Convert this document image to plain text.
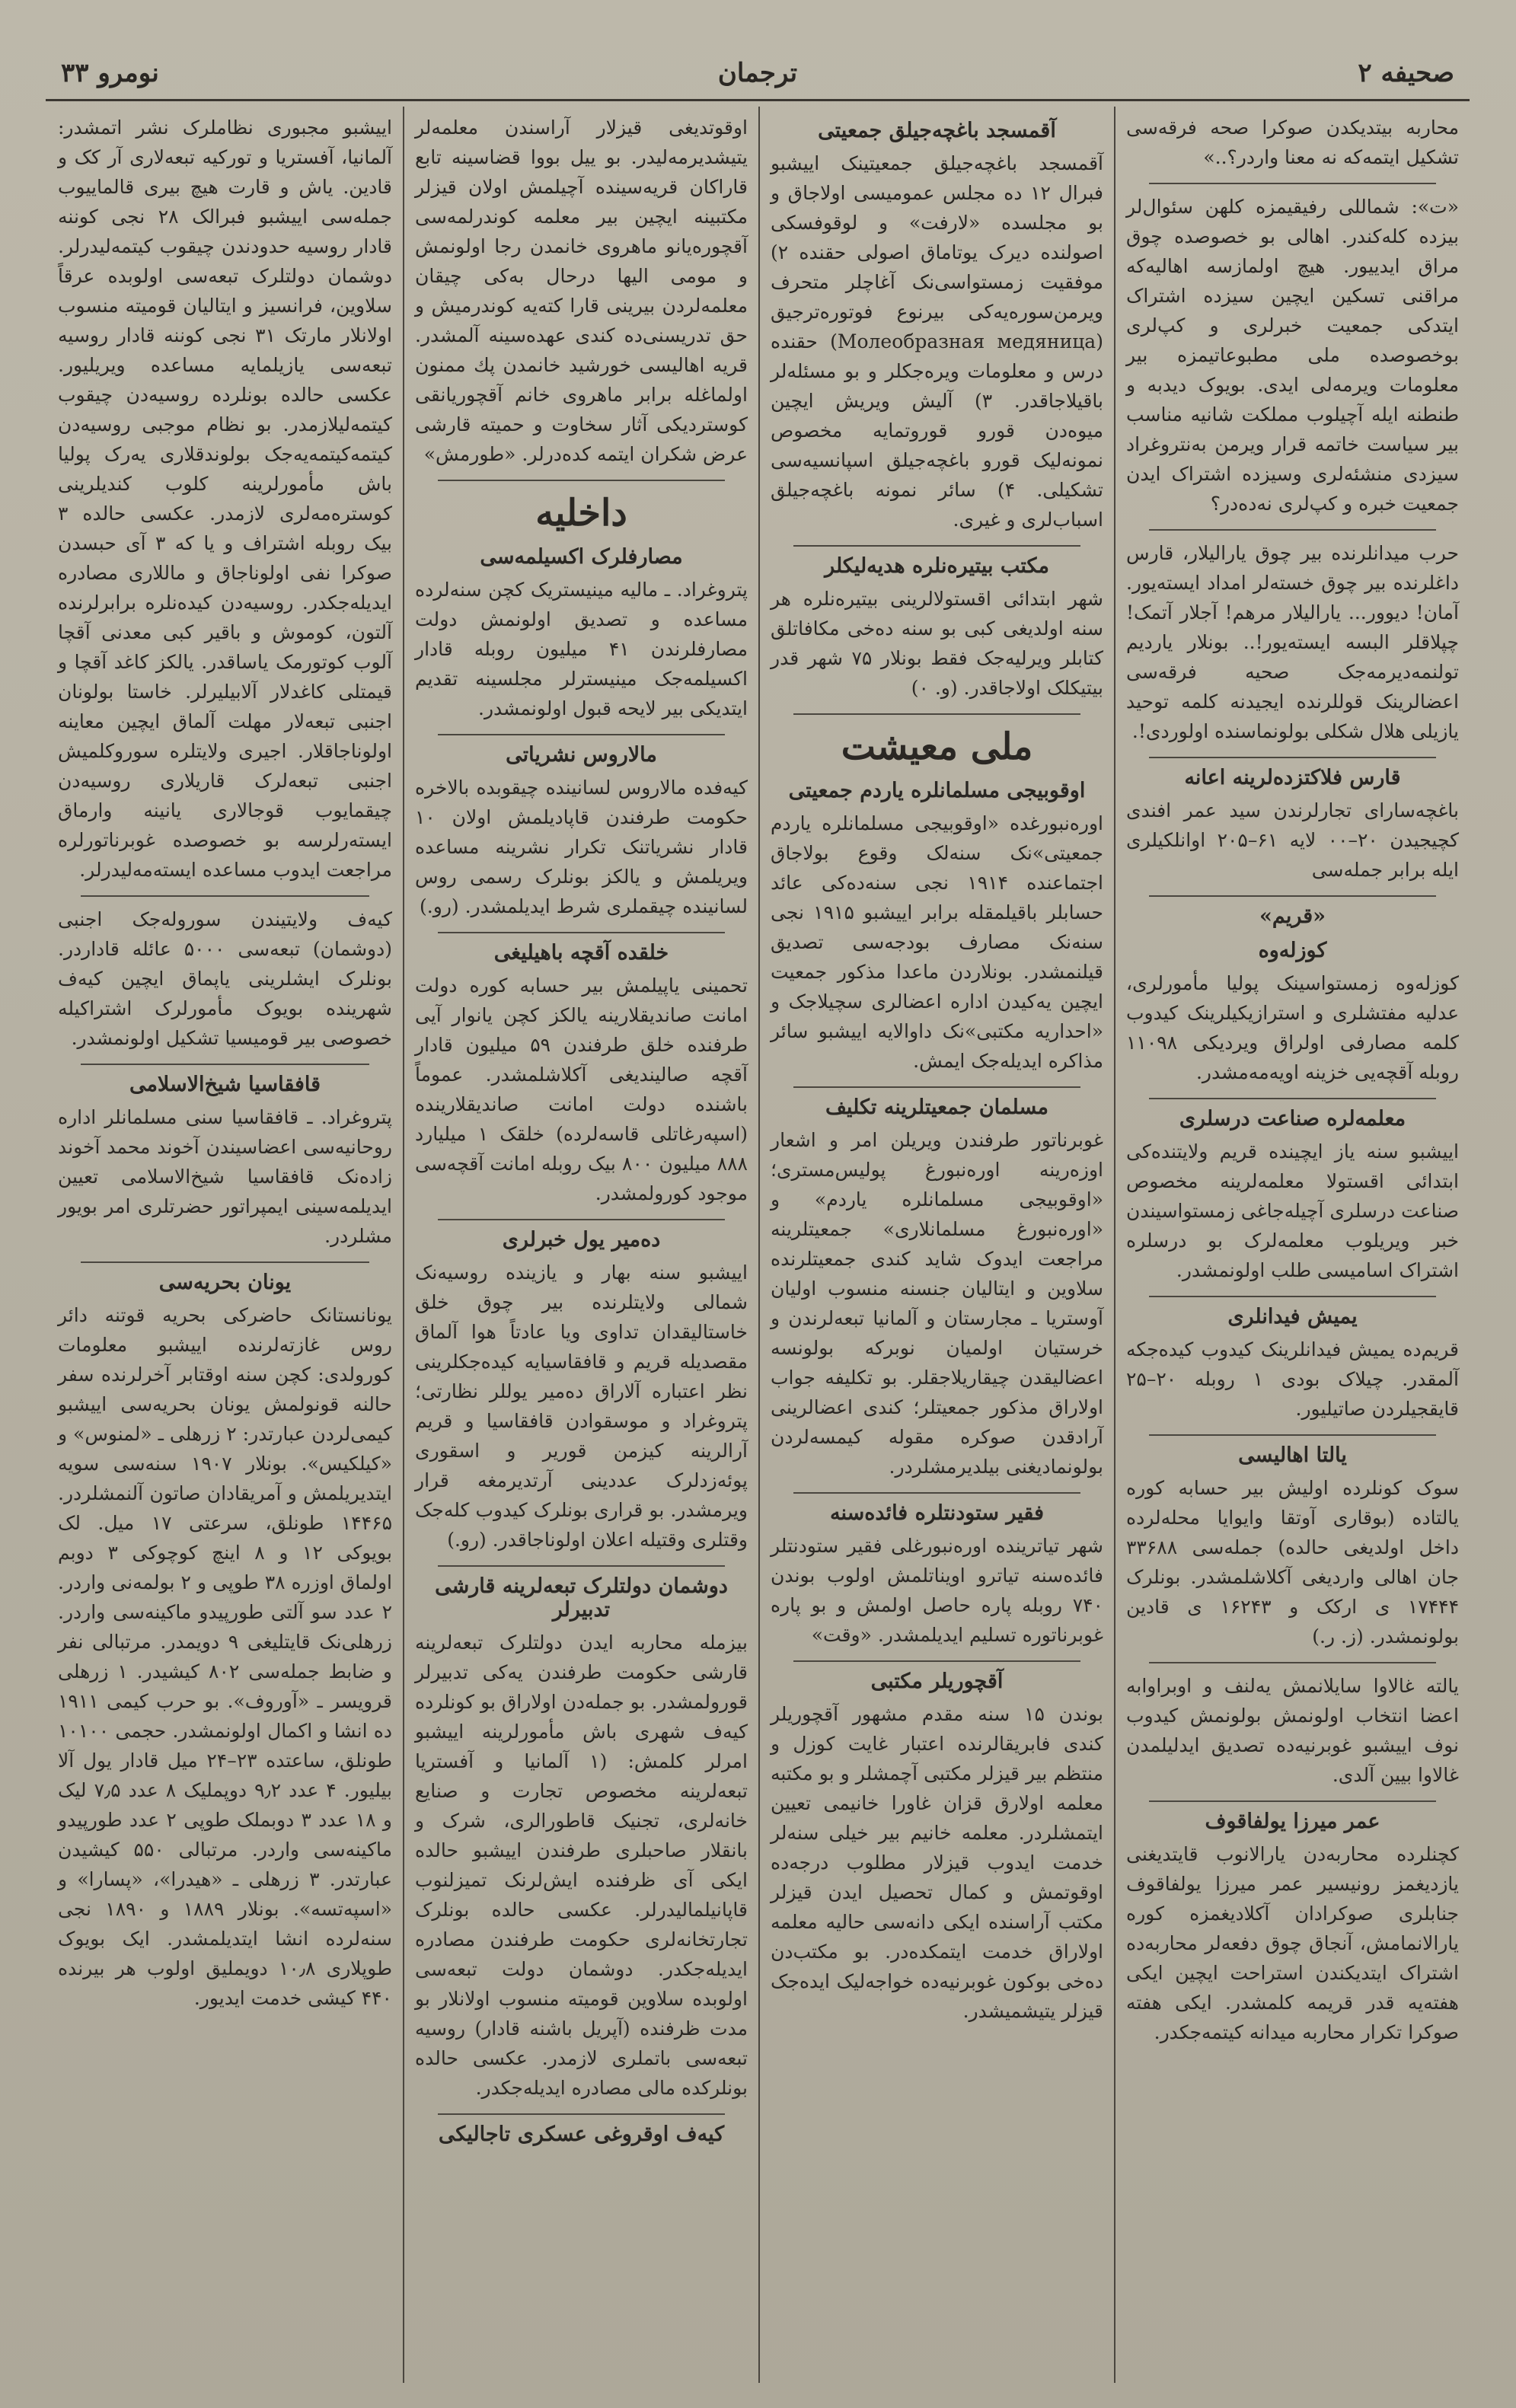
صحیفه ۲
ترجمان
نومرو ۳۳

محاربه بیتدیکدن صوکرا صحه فرقه‌سی تشکیل ایتمه‌که نه معنا واردر؟..»

«ت»: شماللی رفیقیمزه کلهن سئوال‌لر بیزده کله‌کندر. اهالی بو خصوصده چوق مراق ایدییور. هیچ اولمازسه اهالیه‌که مراقنی تسکین ایچین سیزده اشتراک ایتدکی جمعیت خبرلری و کپ‌لری بوخصوصده ملی مطبوعاتیمزه بیر معلومات ویرمه‌لی ایدی. بویوک دیدبه و طنطنه ایله آچیلوب مملکت شانیه مناسب بیر سیاست خاتمه قرار ویرمن به‌نتروغراد سیزدی منشئه‌لری وسیزده اشتراک ایدن جمعیت خبره و کپ‌لری نه‌ده‌در؟

حرب میدانلرنده بیر چوق یارالیلار، قارس داغلرنده بیر چوق خسته‌لر امداد ایسته‌یور. آمان! دیوور... یارالیلار مرهم! آجلار آتمک! چپلاقلر البسه ایسته‌یور!.. بونلار یاردیم تولنمه‌دیرمه‌جک صحیه فرقه‌سی اعضالرینک قوللرنده ایجیدنه کلمه توحید یازیلی هلال شکلی بولونماسنده اولوردی!.

قارس فلاکتزده‌لرینه اعانه

باغچه‌سارای تجارلرندن سید عمر افندی کچیجیدن ۲۰–۰۰ لایه ۶۱–۲۰۵ اوانلکیلری ایله برابر جمله‌سی

«قریم»
کوزله‌وه

کوزله‌وه زمستواسینک پولیا مأمورلری، عدلیه مفتشلری و استرازیکیلرینک کیدوب کلمه مصارفی اولراق ویردیکی ۱۱۰۹۸ روبله آقچه‌یی خزینه اویه‌مه‌مشدر.

معلمه‌لره صناعت درسلری

اییشبو سنه یاز ایچینده قریم ولایتنده‌کی ابتدائی اقستولا معلمه‌لرینه مخصوص صناعت درسلری آچیله‌جاغی زمستواسیندن خبر ویریلوب معلمه‌لرک بو درسلره اشتراک اسامیسی طلب اولونمشدر.

یمیش فیدانلری

قریم‌ده یمیش فیدانلرینک کیدوب کیده‌جکه آلمقدر. چیلاک بودی ۱ روبله ۲۰–۲۵ قایقجیلردن صاتیلیور.

یالتا اهالیسی

سوک کونلرده اولیش بیر حسابه کوره یالتاده (بوقاری آوتقا وایوایا محله‌لرده داخل اولدیغی حالده) جمله‌سی ۳۳۶۸۸ جان اهالی واردیغی آکلاشلمشدر. بونلرک ۱۷۴۴۴ ی ارکک و ۱۶۲۴۳ ی قادین بولونمشدر. (ز. ر.)

یالته غالاوا سایلانمش یه‌لنف و اوبراوابه اعضا انتخاب اولونمش بولونمش کیدوب نوف اییشبو غوبرنیه‌ده تصدیق ایدلیلمدن غالاوا بیین آلدی.

عمر میرزا یولفاقوف

کچنلرده محاربه‌دن یارالانوب قایتدیغنی یازدیغمز رونیسیر عمر میرزا یولفاقوف جنابلری صوکرادان آکلادیغمزه کوره یارالانمامش، آنجاق چوق دفعه‌لر محاربه‌ده اشتراک ایتدیکندن استراحت ایچین ایکی هفته‌یه قدر قریمه کلمشدر. ایکی هفته صوکرا تکرار محاربه میدانه کیتمه‌جکدر.

آقمسجد باغچه‌جیلق جمعیتی

آقمسجد باغچه‌جیلق جمعیتینک اییشبو فبرال ۱۲ ده مجلس عمومیسی اولاجاق و بو مجلسده «لارفت» و لوقوفسکی اصولنده دیرک یوتاماق اصولی حقنده ۲) موفقیت زمستواسی‌نک آغاچلر متحرف ویرمن‌سوره‌یه‌کی بیرنوع فوتوره‌ترجیق (Молеобразная медяница) حقنده درس و معلومات ویره‌جکلر و بو مسئله‌لر باقیلاجاقدر. ۳) آلیش ویریش ایچین میوه‌دن قورو قوروتمایه مخصوص نمونه‌لیک قورو باغچه‌جیلق اسپانسیه‌سی تشکیلی. ۴) سائر نمونه باغچه‌جیلق اسباب‌لری و غیری.

مکتب بیتیره‌نلره هدیه‌لیکلر

شهر ابتدائی اقستولالرینی بیتیره‌نلره هر سنه اولدیغی کبی بو سنه ده‌خی مکافاتلق کتابلر ویرلیه‌جک فقط بونلار ۷۵ شهر قدر بیتیکلک اولاجاقدر. (و. ۰)

ملی معیشت
اوقوبیجی مسلمانلره یاردم جمعیتی

اوره‌نبورغده «اوقوبیجی مسلمانلره یاردم جمعیتی»نک سنه‌لک وقوع بولاجاق اجتماعنده ۱۹۱۴ نجی سنه‌ده‌کی عائد حسابلر باقیلمقله برابر اییشبو ۱۹۱۵ نجی سنه‌نک مصارف بودجه‌سی تصدیق قیلنمشدر. بونلاردن ماعدا مذکور جمعیت ایچین یه‌کیدن اداره اعضالری سچیلاجک و «احداریه مکتبی»نک داوالایه اییشبو سائر مذاکره ایدیله‌جک ایمش.

مسلمان جمعیتلرینه تکلیف

غوبرناتور طرفندن ویریلن امر و اشعار اوزه‌رینه اوره‌نبورغ پولیس‌مستری؛ «اوقوبیجی مسلمانلره یاردم» و «اوره‌نبورغ مسلمانلاری» جمعیتلرینه مراجعت ایدوک شاید کندی جمعیتلرنده سلاوین و ایتالیان جنسنه منسوب اولیان آوستریا ـ مجارستان و آلمانیا تبعه‌لرندن و خرستیان اولمیان نوبرکه بولونسه اعضالیقدن چیقاریلاجقلر. بو تکلیفه جواب اولاراق مذکور جمعیتلر؛ کندی اعضالرینی آرادقدن صوکره مقوله کیمسه‌لردن بولونمادیغنی بیلدیرمشلردر.

فقیر ستودنتلره فائده‌سنه

شهر تیاترینده اوره‌نبورغلی فقیر ستودنتلر فائده‌سنه تیاترو اویناتلمش اولوب بوندن ۷۴۰ روبله پاره حاصل اولمش و بو پاره غوبرناتوره تسلیم ایدیلمشدر. «وقت»

آقچوریلر مکتبی

بوندن ۱۵ سنه مقدم مشهور آقچوریلر کندی فابریقالرنده اعتبار غایت کوزل و منتظم بیر قیزلر مکتبی آچمشلر و بو مکتبه معلمه اولارق قزان غاورا خانیمی تعیین ایتمشلردر. معلمه خانیم بیر خیلی سنه‌لر خدمت ایدوب قیزلار مطلوب درجه‌ده اوقوتمش و کمال تحصیل ایدن قیزلر مکتب آراسنده ایکی دانه‌سی حالیه معلمه اولاراق خدمت ایتمکده‌در. بو مکتب‌دن ده‌خی بوکون غوبرنیه‌ده خواجه‌لیک ایده‌جک قیزلر یتیشمیشدر.

اوقوتدیغی قیزلار آراسندن معلمه‌لر یتیشدیرمه‌لیدر. بو ییل بووا قضاسینه تابع قاراکان قریه‌سینده آچیلمش اولان قیزلر مکتبینه ایچین بیر معلمه کوندرلمه‌سی آقچوره‌یانو ماهروی خانمدن رجا اولونمش و مومی الیها درحال به‌کی چیقان معلمه‌لردن بیرینی قارا کته‌یه کوندرمیش و حق تدریسنی‌ده کندی عهده‌سینه آلمشدر. قریه اهالیسی خورشید خانمدن پك ممنون اولماغله برابر ماهروی خانم آقچوریانقی کوستردیکی آثار سخاوت و حمیته قارشی عرض شکران ایتمه کده‌درلر. «طورمش»

داخلیه
مصارفلرک اکسیلمه‌سی

پتروغراد. ـ مالیه مینیستریک کچن سنه‌لرده مساعده و تصدیق اولونمش دولت مصارفلرندن ۴۱ میلیون روبله قادار اکسیلمه‌جک مینیستر‌لر مجلسینه تقدیم ایتدیکی بیر لایحه قبول اولونمشدر.

مالاروس نشریاتی

کیه‌فده مالاروس لسانینده چیقوبده بالاخره حکومت طرفندن قاپادیلمش اولان ۱۰ قادار نشریاتنک تکرار نشرینه مساعده ویریلمش و یالکز بونلرک رسمی روس لسانینده چیقملری شرط ایدیلمشدر. (رو.)

خلقده آقچه باهیلیغی

تحمینی یاپیلمش بیر حسابه کوره دولت امانت صاندیقلارینه یالکز کچن یانوار آیی طرفنده خلق طرفندن ۵۹ میلیون قادار آقچه صالیندیغی آکلاشلمشدر. عموماً باشنده دولت امانت صاندیقلارینده (اسپه‌رغاتلی قاسه‌لرده) خلقک ۱ میلیارد ۸۸۸ میلیون ۸۰۰ بیک روبله امانت آقچه‌سی موجود کورولمشدر.

ده‌میر یول خبرلری

اییشبو سنه بهار و یازینده روسیه‌نک شمالی ولایتلرنده بیر چوق خلق خاستالیقدان تداوی ویا عادتاً هوا آلماق مقصدیله قریم و قافقاسیایه کیده‌جکلرینی نظر اعتباره آلاراق ده‌میر یوللر نظارتی؛ پتروغراد و موسقوادن قافقاسیا و قریم آرالرینه کیزمن قوریر و اسقوری پوئه‌زدلرک عددینی آرتدیرمغه قرار ویرمشدر. بو قراری بونلرک کیدوب کله‌جک وقتلری وقتیله اعلان اولوناجاقدر. (رو.)

دوشمان دولتلرک تبعه‌لرینه قارشی تدبیرلر

بیزمله محاربه ایدن دولتلرک تبعه‌لرینه قارشی حکومت طرفندن یه‌کی تدبیرلر قورولمشدر. بو جمله‌دن اولاراق بو کونلرده کیه‌ف شهری باش مأمورلرینه اییشبو امرلر کلمش: (۱ آلمانیا و آفستریا تبعه‌لرینه مخصوص تجارت و صنایع خانه‌لری، تجنیک قاطورالری، شرک و بانقلار صاحبلری طرفندن اییشبو حالده ایکی آی ظرفنده ایش‌لرنک تمیزلنوب قاپانیلمالیدرلر. عکسی حالده بونلرک تجارتخانه‌لری حکومت طرفندن مصادره ایدیله‌جکدر. دوشمان دولت تبعه‌سی اولوبده سلاوین قومیته منسوب اولانلار بو مدت ظرفنده (آپریل باشنه قادار) روسیه تبعه‌سی باتملری لازمدر. عکسی حالده بونلرکده مالی مصادره ایدیله‌جکدر.

کیه‌ف اوقروغی عسکری تاجالیکی

اییشبو مجبوری نظاملرک نشر اتمشدر: آلمانیا، آفستریا و تورکیه تبعه‌لاری آر کک و قادین. یاش و قارت هیچ بیری قالماییوب جمله‌سی اییشبو فبرالک ۲۸ نجی کوننه قادار روسیه حدودندن چیقوب کیتمه‌لیدرلر. دوشمان دولتلرک تبعه‌سی اولوبده عرقاً سلاوین، فرانسیز و ایتالیان قومیته منسوب اولانلار مارتک ۳۱ نجی کوننه قادار روسیه تبعه‌سی یازیلمایه مساعده ویریلیور. عکسی حالده بونلرده روسیه‌دن چیقوب کیتمه‌لیلازمدر. بو نظام موجبی روسیه‌دن کیتمه‌کیتمه‌یه‌جک بولوندقلاری یه‌رک پولیا باش مأمورلرینه کلوب کندیلرینی کوستره‌مه‌لری لازمدر. عکسی حالده ۳ بیک روبله اشتراف و یا که ۳ آی حبسدن صوکرا نفی اولوناجاق و ماللاری مصادره ایدیله‌جکدر. روسیه‌دن کیده‌نلره برابرلرنده آلتون، کوموش و باقیر کبی معدنی آقچا آلوب کوتورمک یاساقدر. یالکز کاغد آقچا و قیمتلی کاغدلار آلابیلیرلر. خاستا بولونان اجنبی تبعه‌لار مهلت آلماق ایچین معاینه اولوناجاقلار. اجیری ولایتلره سوروکلمیش اجنبی تبعه‌لرک قاریلاری روسیه‌دن چیقمایوب قوجالاری یانینه وارماق ایسته‌رلرسه بو خصوصده غوبرناتورلره مراجعت ایدوب مساعده ایسته‌مه‌لیدرلر.

کیه‌ف ولایتیندن سوروله‌جک اجنبی (دوشمان) تبعه‌سی ۵۰۰۰ عائله قادار‌در. بونلرک ایشلرینی یاپماق ایچین کیه‌ف شهرینده بویوک مأمورلرک اشتراکیله خصوصی بیر قومیسیا تشکیل اولونمشدر.

قافقاسیا شیخ‌الاسلامی

پتروغراد. ـ قافقاسیا سنی مسلمانلر اداره روحانیه‌سی اعضاسیندن آخوند محمد آخوند زاده‌نک قافقاسیا شیخ‌الاسلامی تعیین ایدیلمه‌سینی ایمپراتور حضرتلری امر بویور مشلردر.

یونان بحریه‌سی

یونانستانک حاضرکی بحریه قوتنه دائر روس غازته‌لرنده اییشبو معلومات کورولدی: کچن سنه اوقتابر آخرلرنده سفر حالنه قونولمش یونان بحریه‌سی اییشبو کیمی‌لردن عبارتدر: ۲ زرهلی ـ «لمنوس» و «کیلکیس». بونلار ۱۹۰۷ سنه‌سی سویه ایتدیریلمش و آمریقادان صاتون آلنمشلردر. ۱۴۴۶۵ طونلق، سرعتی ۱۷ میل. لک بویوکی ۱۲ و ۸ اینچ کوچوکی ۳ دوبم اولماق اوزره ۳۸ طوپی و ۲ بولمه‌نی واردر. ۲ عدد سو آلتی طورپیدو ماکینه‌سی واردر. زرهلی‌نک قایتلیغی ۹ دویمدر. مرتبالی نفر و ضابط جمله‌سی ۸۰۲ کیشیدر. ۱ زرهلی قرویسر ـ «آوروف». بو حرب کیمی ۱۹۱۱ ده انشا و اکمال اولونمشدر. حجمی ۱۰۱۰۰ طونلق، ساعتده ۲۳–۲۴ میل قادار یول آلا بیلیور. ۴ عدد ۹٫۲ دوپملیک ۸ عدد ۷٫۵ لیک و ۱۸ عدد ۳ دوبملک طوپی ۲ عدد طورپیدو ماکینه‌سی واردر. مرتبالی ۵۵۰ کیشیدن عبارتدر. ۳ زرهلی ـ «هیدرا»، «پسارا» و «اسپه‌تسه». بونلار ۱۸۸۹ و ۱۸۹۰ نجی سنه‌لرده انشا ایتدیلمشدر. ایک بویوک طوپلاری ۱۰٫۸ دویملیق اولوب هر بیرنده ۴۴۰ کیشی خدمت ایدیور.
